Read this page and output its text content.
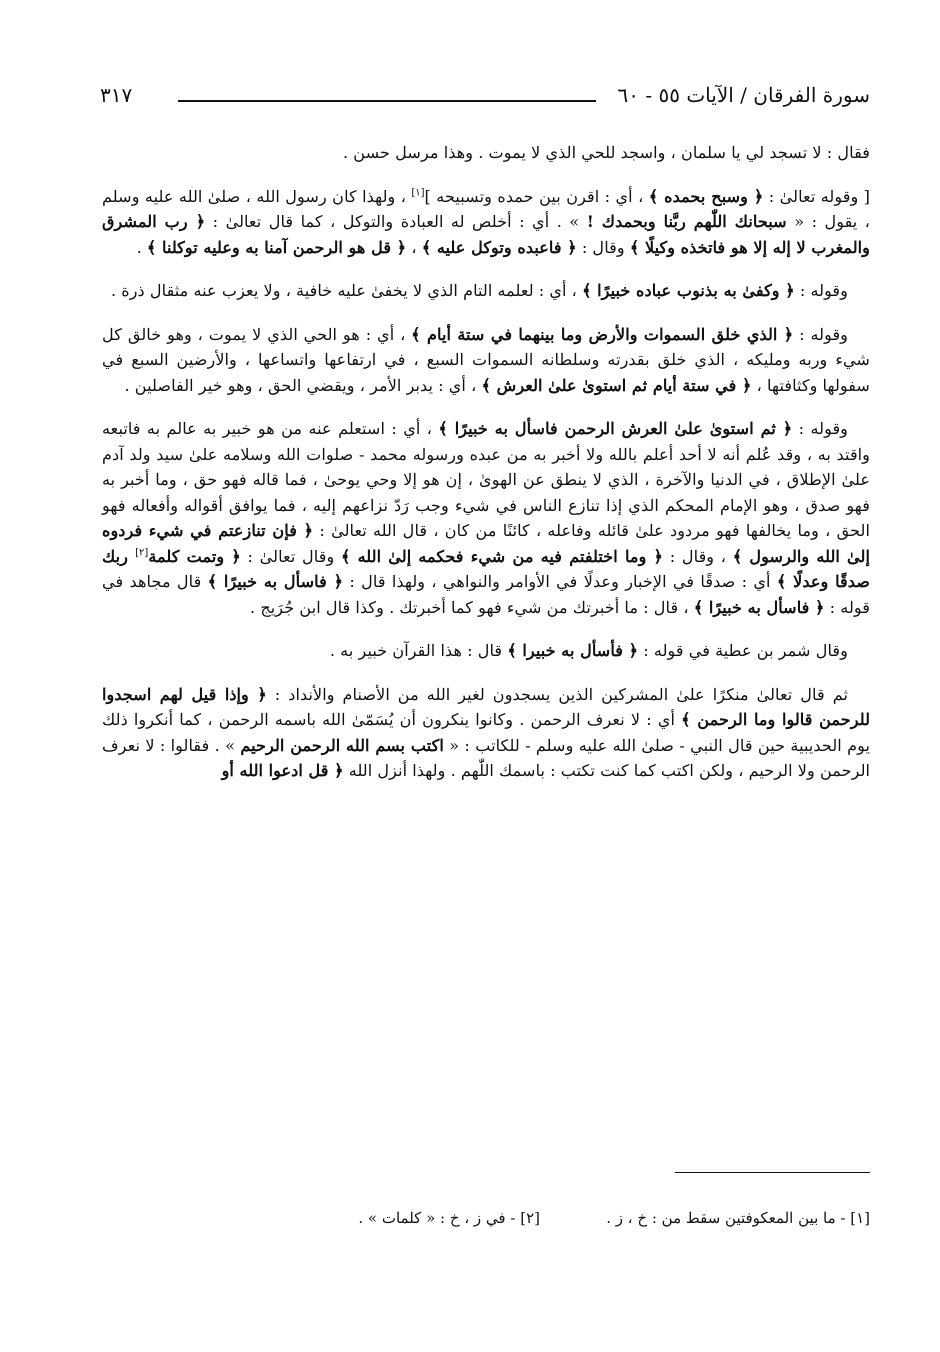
سورة الفرقان / الآيات ٥٥ - ٦٠
٣١٧

فقال : لا تسجد لي يا سلمان ، واسجد للحي الذي لا يموت . وهذا مرسل حسن .

[ وقوله تعالىٰ : ﴿ وسبح بحمده ﴾ ، أي : اقرن بين حمده وتسبيحه ][١] ، ولهذا كان رسول الله ، صلىٰ الله عليه وسلم ، يقول : « سبحانك اللّٰهم ربَّنا وبحمدك ! » . أي : أخلص له العبادة والتوكل ، كما قال تعالىٰ : ﴿ رب المشرق والمغرب لا إله إلا هو فاتخذه وكيلًا ﴾ وقال : ﴿ فاعبده وتوكل عليه ﴾ ، ﴿ قل هو الرحمن آمنا به وعليه توكلنا ﴾ .

وقوله : ﴿ وكفىٰ به بذنوب عباده خبيرًا ﴾ ، أي : لعلمه التام الذي لا يخفىٰ عليه خافية ، ولا يعزب عنه مثقال ذرة .

وقوله : ﴿ الذي خلق السموات والأرض وما بينهما في ستة أيام ﴾ ، أي : هو الحي الذي لا يموت ، وهو خالق كل شيء وربه ومليكه ، الذي خلق بقدرته وسلطانه السموات السبع ، في ارتفاعها واتساعها ، والأرضين السبع في سفولها وكثافتها ، ﴿ في ستة أيام ثم استوىٰ علىٰ العرش ﴾ ، أي : يدبر الأمر ، ويقضي الحق ، وهو خير الفاصلين .

وقوله : ﴿ ثم استوىٰ علىٰ العرش الرحمن فاسأل به خبيرًا ﴾ ، أي : استعلم عنه من هو خبير به عالم به فاتبعه واقتد به ، وقد عُلم أنه لا أحد أعلم بالله ولا أخبر به من عبده ورسوله محمد - صلوات الله وسلامه علىٰ سيد ولد آدم علىٰ الإطلاق ، في الدنيا والآخرة ، الذي لا ينطق عن الهوىٰ ، إن هو إلا وحي يوحىٰ ، فما قاله فهو حق ، وما أخبر به فهو صدق ، وهو الإمام المحكم الذي إذا تنازع الناس في شيء وجب رَدّ نزاعهم إليه ، فما يوافق أقواله وأفعاله فهو الحق ، وما يخالفها فهو مردود علىٰ قائله وفاعله ، كائنًا من كان ، قال الله تعالىٰ : ﴿ فإن تنازعتم في شيء فردوه إلىٰ الله والرسول ﴾ ، وقال : ﴿ وما اختلفتم فيه من شيء فحكمه إلىٰ الله ﴾ وقال تعالىٰ : ﴿ وتمت كلمة[٢] ربك صدقًا وعدلًا ﴾ أي : صدقًا في الإخبار وعدلًا في الأوامر والنواهي ، ولهذا قال : ﴿ فاسأل به خبيرًا ﴾ قال مجاهد في قوله : ﴿ فاسأل به خبيرًا ﴾ ، قال : ما أخبرتك من شيء فهو كما أخبرتك . وكذا قال ابن جُرَيج .

وقال شمر بن عطية في قوله : ﴿ فأسأل به خبيرا ﴾ قال : هذا القرآن خبير به .

ثم قال تعالىٰ منكرًا علىٰ المشركين الذين يسجدون لغير الله من الأصنام والأنداد : ﴿ وإذا قيل لهم اسجدوا للرحمن قالوا وما الرحمن ﴾ أي : لا نعرف الرحمن . وكانوا ينكرون أن يُسَمّىٰ الله باسمه الرحمن ، كما أنكروا ذلك يوم الحديبية حين قال النبي - صلىٰ الله عليه وسلم - للكاتب : « اكتب بسم الله الرحمن الرحيم » . فقالوا : لا نعرف الرحمن ولا الرحيم ، ولكن اكتب كما كنت تكتب : باسمك اللّٰهم . ولهذا أنزل الله ﴿ قل ادعوا الله أو

[١] - ما بين المعكوفتين سقط من : خ ، ز .
[٢] - في ز ، خ : « كلمات » .
